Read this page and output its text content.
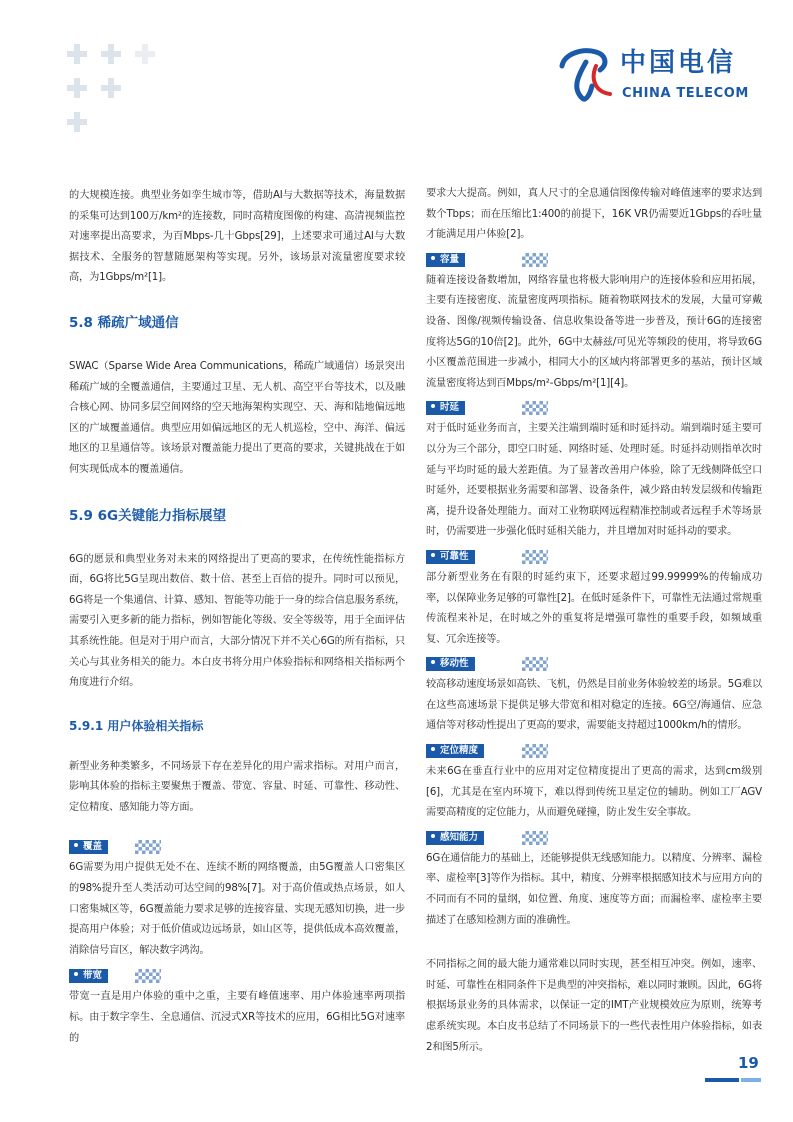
中国电信
CHINA TELECOM

的大规模连接。典型业务如孪生城市等，借助AI与大数据等技术，海量数据的采集可达到100万/km²的连接数，同时高精度图像的构建、高清视频监控对速率提出高要求，为百Mbps-几十Gbps[29]，上述要求可通过AI与大数据技术、全服务的智慧随愿架构等实现。另外，该场景对流量密度要求较高，为1Gbps/m²[1]。

5.8 稀疏广域通信

SWAC（Sparse Wide Area Communications，稀疏广域通信）场景突出稀疏广域的全覆盖通信，主要通过卫星、无人机、高空平台等技术，以及融合核心网、协同多层空间网络的空天地海架构实现空、天、海和陆地偏远地区的广域覆盖通信。典型应用如偏远地区的无人机巡检，空中、海洋、偏远地区的卫星通信等。该场景对覆盖能力提出了更高的要求，关键挑战在于如何实现低成本的覆盖通信。

5.9 6G关键能力指标展望

6G的愿景和典型业务对未来的网络提出了更高的要求，在传统性能指标方面，6G将比5G呈现出数倍、数十倍、甚至上百倍的提升。同时可以预见，6G将是一个集通信、计算、感知、智能等功能于一身的综合信息服务系统，需要引入更多新的能力指标，例如智能化等级、安全等级等，用于全面评估其系统性能。但是对于用户而言，大部分情况下并不关心6G的所有指标，只关心与其业务相关的能力。本白皮书将分用户体验指标和网络相关指标两个角度进行介绍。

5.9.1 用户体验相关指标

新型业务种类繁多，不同场景下存在差异化的用户需求指标。对用户而言，影响其体验的指标主要聚焦于覆盖、带宽、容量、时延、可靠性、移动性、定位精度、感知能力等方面。

覆盖

6G需要为用户提供无处不在、连续不断的网络覆盖，由5G覆盖人口密集区的98%提升至人类活动可达空间的98%[7]。对于高价值或热点场景，如人口密集城区等，6G覆盖能力要求足够的连接容量、实现无感知切换，进一步提高用户体验；对于低价值或边远场景，如山区等，提供低成本高效覆盖，消除信号盲区，解决数字鸿沟。

带宽

带宽一直是用户体验的重中之重，主要有峰值速率、用户体验速率两项指标。由于数字孪生、全息通信、沉浸式XR等技术的应用，6G相比5G对速率的

要求大大提高。例如，真人尺寸的全息通信图像传输对峰值速率的要求达到数个Tbps；而在压缩比1:400的前提下，16K VR仍需要近1Gbps的吞吐量才能满足用户体验[2]。

容量

随着连接设备数增加，网络容量也将极大影响用户的连接体验和应用拓展，主要有连接密度、流量密度两项指标。随着物联网技术的发展，大量可穿戴设备、图像/视频传输设备、信息收集设备等进一步普及，预计6G的连接密度将达5G的10倍[2]。此外，6G中太赫兹/可见光等频段的使用，将导致6G小区覆盖范围进一步减小，相同大小的区域内将部署更多的基站，预计区域流量密度将达到百Mbps/m²-Gbps/m²[1][4]。

时延

对于低时延业务而言，主要关注端到端时延和时延抖动。端到端时延主要可以分为三个部分，即空口时延、网络时延、处理时延。时延抖动则指单次时延与平均时延的最大差距值。为了显著改善用户体验，除了无线侧降低空口时延外，还要根据业务需要和部署、设备条件，减少路由转发层级和传输距离，提升设备处理能力。面对工业物联网远程精准控制或者远程手术等场景时，仍需要进一步强化低时延相关能力，并且增加对时延抖动的要求。

可靠性

部分新型业务在有限的时延约束下，还要求超过99.99999%的传输成功率，以保障业务足够的可靠性[2]。在低时延条件下，可靠性无法通过常规重传流程来补足，在时域之外的重复将是增强可靠性的重要手段，如频域重复、冗余连接等。

移动性

较高移动速度场景如高铁、飞机，仍然是目前业务体验较差的场景。5G难以在这些高速场景下提供足够大带宽和相对稳定的连接。6G空/海通信、应急通信等对移动性提出了更高的要求，需要能支持超过1000km/h的情形。

定位精度

未来6G在垂直行业中的应用对定位精度提出了更高的需求，达到cm级别[6]，尤其是在室内环境下，难以得到传统卫星定位的辅助。例如工厂AGV需要高精度的定位能力，从而避免碰撞，防止发生安全事故。

感知能力

6G在通信能力的基础上，还能够提供无线感知能力。以精度、分辨率、漏检率、虚检率[3]等作为指标。其中，精度、分辨率根据感知技术与应用方向的不同而有不同的量纲，如位置、角度、速度等方面；而漏检率、虚检率主要描述了在感知检测方面的准确性。

不同指标之间的最大能力通常难以同时实现，甚至相互冲突。例如，速率、时延、可靠性在相同条件下是典型的冲突指标，难以同时兼顾。因此，6G将根据场景业务的具体需求，以保证一定的IMT产业规模效应为原则，统筹考虑系统实现。本白皮书总结了不同场景下的一些代表性用户体验指标，如表2和图5所示。

19
